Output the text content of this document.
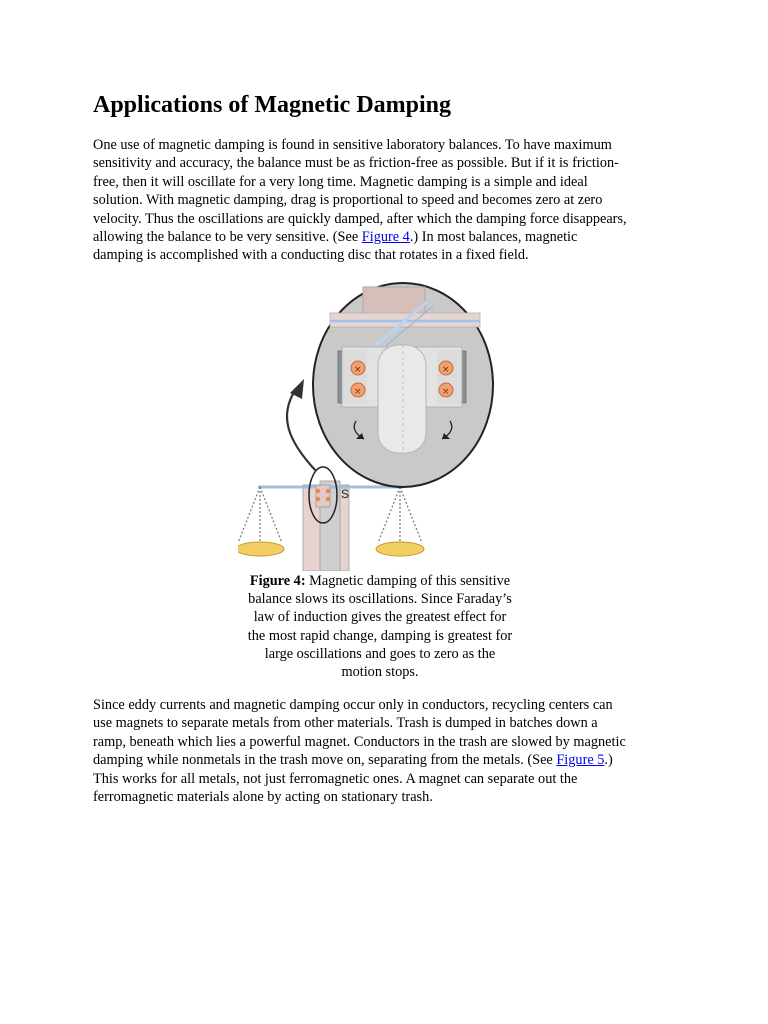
Applications of Magnetic Damping

One use of magnetic damping is found in sensitive laboratory balances. To have maximum
sensitivity and accuracy, the balance must be as friction-free as possible. But if it is friction-
free, then it will oscillate for a very long time. Magnetic damping is a simple and ideal
solution. With magnetic damping, drag is proportional to speed and becomes zero at zero
velocity. Thus the oscillations are quickly damped, after which the damping force disappears,
allowing the balance to be very sensitive. (See Figure 4.) In most balances, magnetic
damping is accomplished with a conducting disc that rotates in a fixed field.

S
×
×
×
×
Figure 4: Magnetic damping of this sensitive
balance slows its oscillations. Since Faraday’s
law of induction gives the greatest effect for
the most rapid change, damping is greatest for
large oscillations and goes to zero as the
motion stops.

Since eddy currents and magnetic damping occur only in conductors, recycling centers can
use magnets to separate metals from other materials. Trash is dumped in batches down a
ramp, beneath which lies a powerful magnet. Conductors in the trash are slowed by magnetic
damping while nonmetals in the trash move on, separating from the metals. (See Figure 5.)
This works for all metals, not just ferromagnetic ones. A magnet can separate out the
ferromagnetic materials alone by acting on stationary trash.
